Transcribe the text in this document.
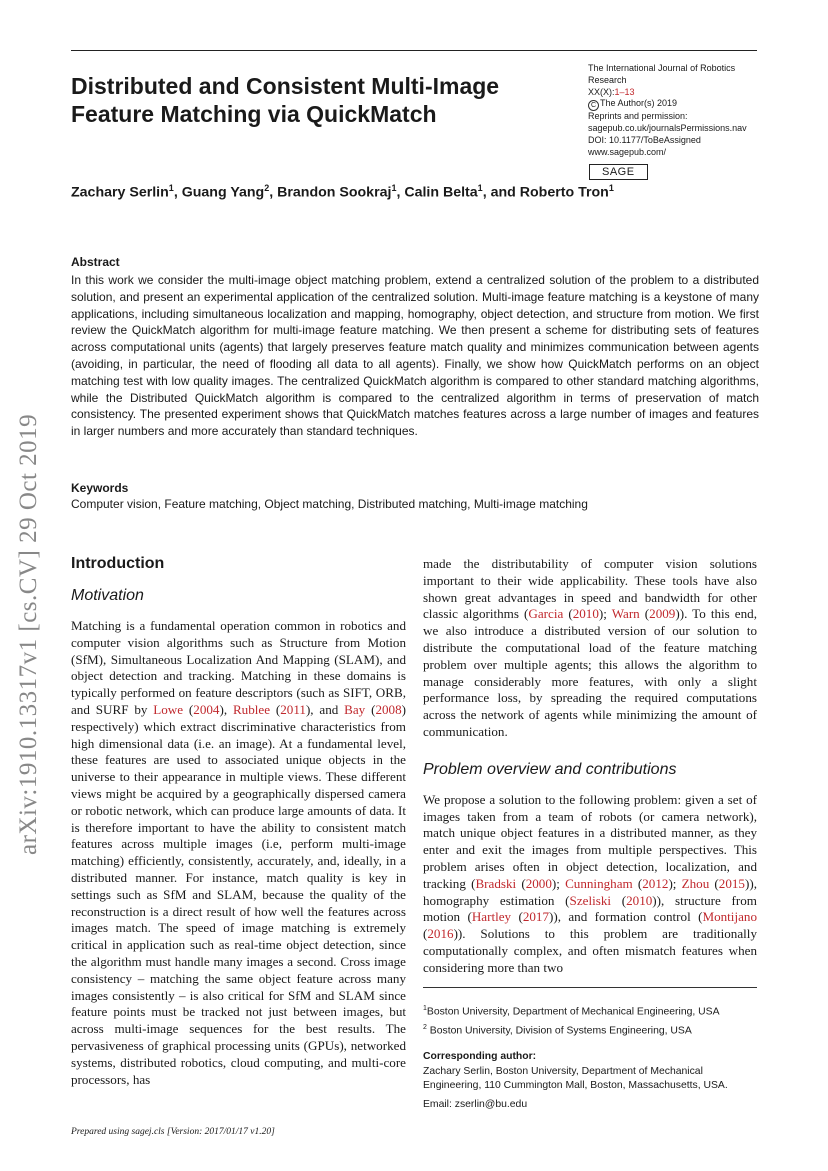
Distributed and Consistent Multi-Image Feature Matching via QuickMatch
The International Journal of Robotics Research
XX(X):1–13
C The Author(s) 2019
Reprints and permission:
sagepub.co.uk/journalsPermissions.nav
DOI: 10.1177/ToBeAssigned
www.sagepub.com/
SAGE
Zachary Serlin$^1$, Guang Yang$^2$, Brandon Sookraj$^1$, Calin Belta$^1$, and Roberto Tron$^1$
Abstract
In this work we consider the multi-image object matching problem, extend a centralized solution of the problem to a distributed solution, and present an experimental application of the centralized solution. Multi-image feature matching is a keystone of many applications, including simultaneous localization and mapping, homography, object detection, and structure from motion. We first review the QuickMatch algorithm for multi-image feature matching. We then present a scheme for distributing sets of features across computational units (agents) that largely preserves feature match quality and minimizes communication between agents (avoiding, in particular, the need of flooding all data to all agents). Finally, we show how QuickMatch performs on an object matching test with low quality images. The centralized QuickMatch algorithm is compared to other standard matching algorithms, while the Distributed QuickMatch algorithm is compared to the centralized algorithm in terms of preservation of match consistency. The presented experiment shows that QuickMatch matches features across a large number of images and features in larger numbers and more accurately than standard techniques.
Keywords
Computer vision, Feature matching, Object matching, Distributed matching, Multi-image matching
arXiv:1910.13317v1 [cs.CV] 29 Oct 2019 Introduction
Motivation

Matching is a fundamental operation common in robotics and computer vision algorithms such as Structure from Motion (SfM), Simultaneous Localization And Mapping (SLAM), and object detection and tracking. Matching in these domains is typically performed on feature descriptors (such as SIFT, ORB, and SURF by Lowe (2004), Rublee (2011), and Bay (2008) respectively) which extract discriminative characteristics from high dimensional data (i.e. an image). At a fundamental level, these features are used to associated unique objects in the universe to their appearance in multiple views. These different views might be acquired by a geographically dispersed camera or robotic network, which can produce large amounts of data. It is therefore important to have the ability to consistent match features across multiple images (i.e, perform multi-image matching) efficiently, consistently, accurately, and, ideally, in a distributed manner. For instance, match quality is key in settings such as SfM and SLAM, because the quality of the reconstruction is a direct result of how well the features across images match. The speed of image matching is extremely critical in application such as real-time object detection, since the algorithm must handle many images a second. Cross image consistency – matching the same object feature across many images consistently – is also critical for SfM and SLAM since feature points must be tracked not just between images, but across multi-image sequences for the best results. The pervasiveness of graphical processing units (GPUs), networked systems, distributed robotics, cloud computing, and multi-core processors, has

made the distributability of computer vision solutions important to their wide applicability. These tools have also shown great advantages in speed and bandwidth for other classic algorithms (Garcia (2010); Warn (2009)). To this end, we also introduce a distributed version of our solution to distribute the computational load of the feature matching problem over multiple agents; this allows the algorithm to manage considerably more features, with only a slight performance loss, by spreading the required computations across the network of agents while minimizing the amount of communication.

Problem overview and contributions

We propose a solution to the following problem: given a set of images taken from a team of robots (or camera network), match unique object features in a distributed manner, as they enter and exit the images from multiple perspectives. This problem arises often in object detection, localization, and tracking (Bradski (2000); Cunningham (2012); Zhou (2015)), homography estimation (Szeliski (2010)), structure from motion (Hartley (2017)), and formation control (Montijano (2016)). Solutions to this problem are traditionally computationally complex, and often mismatch features when considering more than two

$^1$Boston University, Department of Mechanical Engineering, USA
$^2$ Boston University, Division of Systems Engineering, USA
Corresponding author:
Zachary Serlin, Boston University, Department of Mechanical Engineering, 110 Cummington Mall, Boston, Massachusetts, USA.
Email: zserlin@bu.edu
Prepared using sagej.cls [Version: 2017/01/17 v1.20]
